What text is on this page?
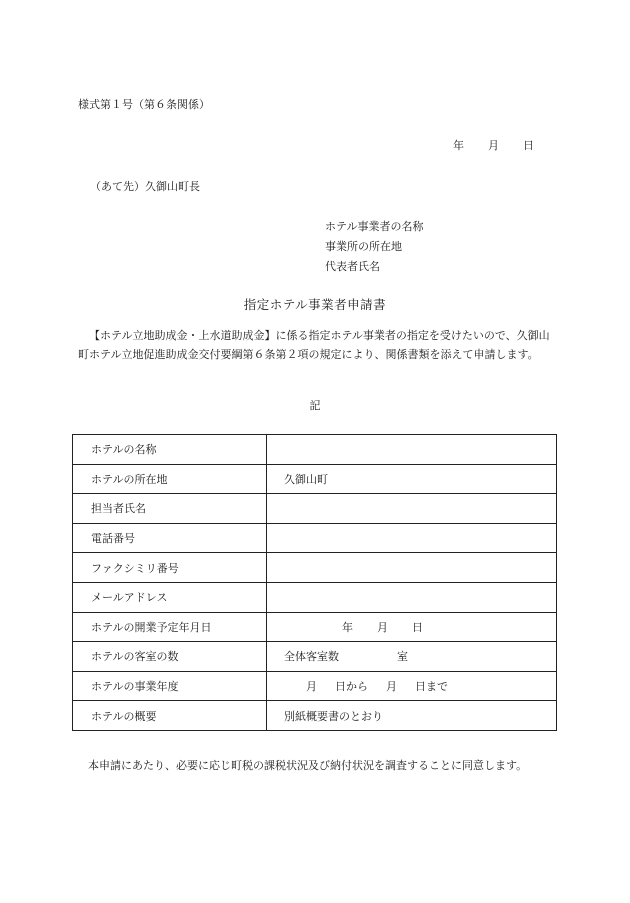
様式第１号（第６条関係）
年 月 日
（あて先）久御山町長
ホテル事業者の名称
事業所の所在地
代表者氏名
指定ホテル事業者申請書
【ホテル立地助成金・上水道助成金】に係る指定ホテル事業者の指定を受けたいので、久御山町ホテル立地促進助成金交付要綱第６条第２項の規定により、関係書類を添えて申請します。
記
ホテルの名称	
ホテルの所在地	久御山町
担当者氏名	
電話番号	
ファクシミリ番号	
メールアドレス	
ホテルの開業予定年月日	年 月 日
ホテルの客室の数	全体客室数 室
ホテルの事業年度	月 日から 月 日まで
ホテルの概要	別紙概要書のとおり
本申請にあたり、必要に応じ町税の課税状況及び納付状況を調査することに同意します。
